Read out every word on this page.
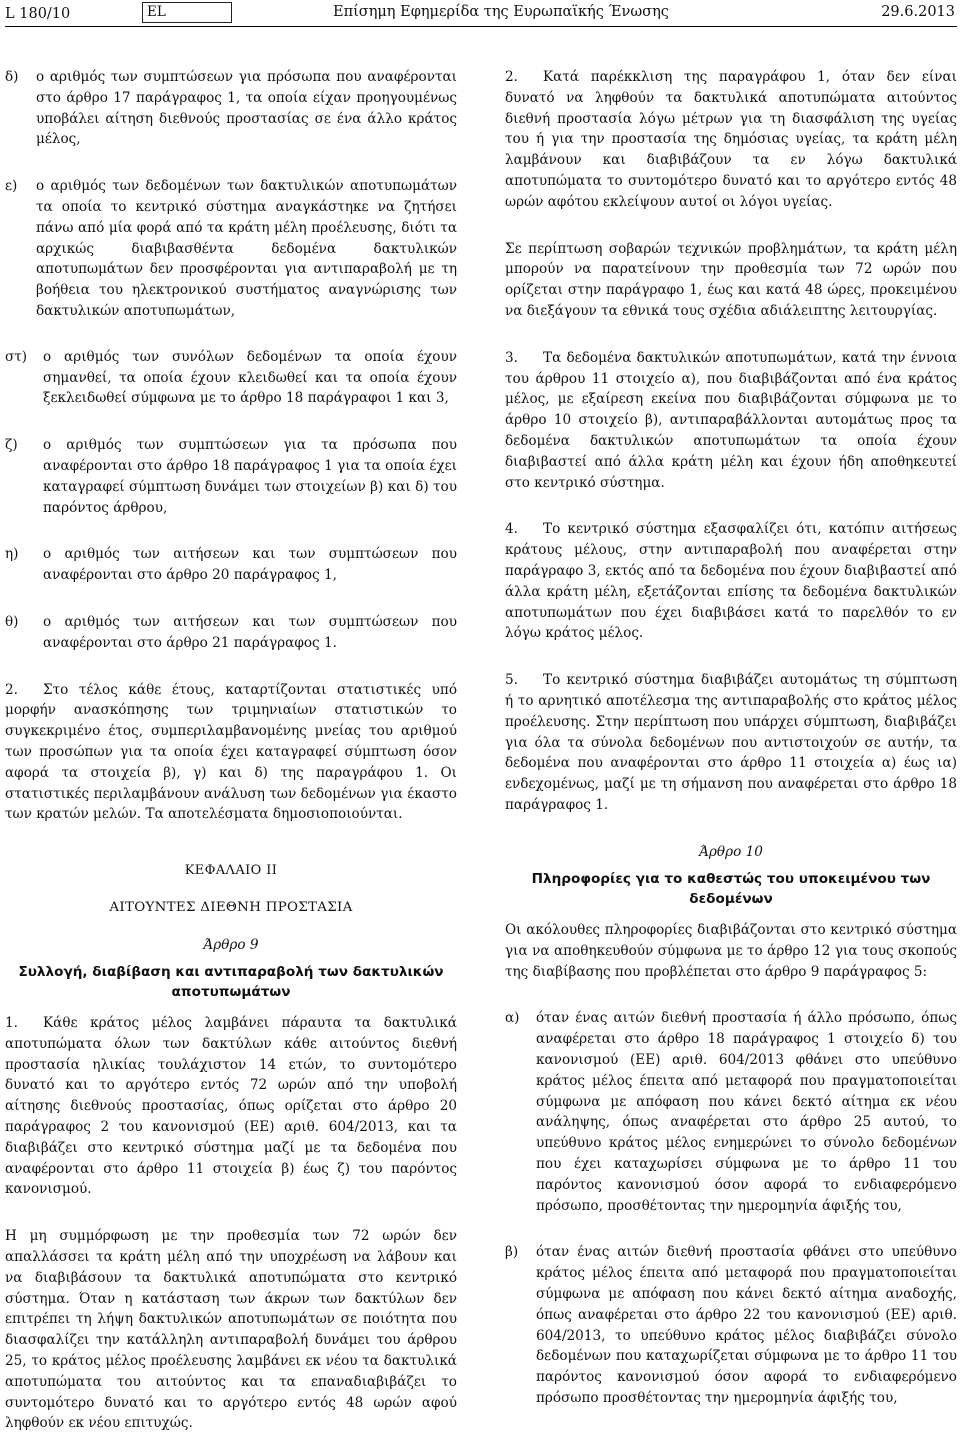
L 180/10	EL	Επίσημη Εφημερίδα της Ευρωπαϊκής Ένωσης	29.6.2013
δ)	ο αριθμός των συμπτώσεων για πρόσωπα που αναφέρονται στο άρθρο 17 παράγραφος 1, τα οποία είχαν προηγουμένως υποβάλει αίτηση διεθνούς προστασίας σε ένα άλλο κράτος μέλος,
ε)	ο αριθμός των δεδομένων των δακτυλικών αποτυπωμάτων τα οποία το κεντρικό σύστημα αναγκάστηκε να ζητήσει πάνω από μία φορά από τα κράτη μέλη προέλευσης, διότι τα αρχικώς διαβιβασθέντα δεδομένα δακτυλικών αποτυπωμάτων δεν προσφέρονται για αντιπαραβολή με τη βοήθεια του ηλεκτρονικού συστήματος αναγνώρισης των δακτυλικών αποτυπωμάτων,
στ)	ο αριθμός των συνόλων δεδομένων τα οποία έχουν σημανθεί, τα οποία έχουν κλειδωθεί και τα οποία έχουν ξεκλειδωθεί σύμφωνα με το άρθρο 18 παράγραφοι 1 και 3,
ζ)	ο αριθμός των συμπτώσεων για τα πρόσωπα που αναφέρονται στο άρθρο 18 παράγραφος 1 για τα οποία έχει καταγραφεί σύμπτωση δυνάμει των στοιχείων β) και δ) του παρόντος άρθρου,
η)	ο αριθμός των αιτήσεων και των συμπτώσεων που αναφέρονται στο άρθρο 20 παράγραφος 1,
θ)	ο αριθμός των αιτήσεων και των συμπτώσεων που αναφέρονται στο άρθρο 21 παράγραφος 1.

2. Στο τέλος κάθε έτους, καταρτίζονται στατιστικές υπό μορφήν ανασκόπησης των τριμηνιαίων στατιστικών το συγκεκριμένο έτος, συμπεριλαμβανομένης μνείας του αριθμού των προσώπων για τα οποία έχει καταγραφεί σύμπτωση όσον αφορά τα στοιχεία β), γ) και δ) της παραγράφου 1. Οι στατιστικές περιλαμβάνουν ανάλυση των δεδομένων για έκαστο των κρατών μελών. Τα αποτελέσματα δημοσιοποιούνται.

ΚΕΦΑΛΑΙΟ ΙΙ
ΑΙΤΟΥΝΤΕΣ ΔΙΕΘΝΗ ΠΡΟΣΤΑΣΙΑ
Άρθρο 9
Συλλογή, διαβίβαση και αντιπαραβολή των δακτυλικών αποτυπωμάτων

1. Κάθε κράτος μέλος λαμβάνει πάραυτα τα δακτυλικά αποτυπώματα όλων των δακτύλων κάθε αιτούντος διεθνή προστασία ηλικίας τουλάχιστον 14 ετών, το συντομότερο δυνατό και το αργότερο εντός 72 ωρών από την υποβολή αίτησης διεθνούς προστασίας, όπως ορίζεται στο άρθρο 20 παράγραφος 2 του κανονισμού (ΕΕ) αριθ. 604/2013, και τα διαβιβάζει στο κεντρικό σύστημα μαζί με τα δεδομένα που αναφέρονται στο άρθρο 11 στοιχεία β) έως ζ) του παρόντος κανονισμού.

Η μη συμμόρφωση με την προθεσμία των 72 ωρών δεν απαλλάσσει τα κράτη μέλη από την υποχρέωση να λάβουν και να διαβιβάσουν τα δακτυλικά αποτυπώματα στο κεντρικό σύστημα. Όταν η κατάσταση των άκρων των δακτύλων δεν επιτρέπει τη λήψη δακτυλικών αποτυπωμάτων σε ποιότητα που διασφαλίζει την κατάλληλη αντιπαραβολή δυνάμει του άρθρου 25, το κράτος μέλος προέλευσης λαμβάνει εκ νέου τα δακτυλικά αποτυπώματα του αιτούντος και τα επαναδιαβιβάζει το συντομότερο δυνατό και το αργότερο εντός 48 ωρών αφού ληφθούν εκ νέου επιτυχώς.

2. Κατά παρέκκλιση της παραγράφου 1, όταν δεν είναι δυνατό να ληφθούν τα δακτυλικά αποτυπώματα αιτούντος διεθνή προστασία λόγω μέτρων για τη διασφάλιση της υγείας του ή για την προστασία της δημόσιας υγείας, τα κράτη μέλη λαμβάνουν και διαβιβάζουν τα εν λόγω δακτυλικά αποτυπώματα το συντομότερο δυνατό και το αργότερο εντός 48 ωρών αφότου εκλείψουν αυτοί οι λόγοι υγείας.

Σε περίπτωση σοβαρών τεχνικών προβλημάτων, τα κράτη μέλη μπορούν να παρατείνουν την προθεσμία των 72 ωρών που ορίζεται στην παράγραφο 1, έως και κατά 48 ώρες, προκειμένου να διεξάγουν τα εθνικά τους σχέδια αδιάλειπτης λειτουργίας.

3. Τα δεδομένα δακτυλικών αποτυπωμάτων, κατά την έννοια του άρθρου 11 στοιχείο α), που διαβιβάζονται από ένα κράτος μέλος, με εξαίρεση εκείνα που διαβιβάζονται σύμφωνα με το άρθρο 10 στοιχείο β), αντιπαραβάλλονται αυτομάτως προς τα δεδομένα δακτυλικών αποτυπωμάτων τα οποία έχουν διαβιβαστεί από άλλα κράτη μέλη και έχουν ήδη αποθηκευτεί στο κεντρικό σύστημα.

4. Το κεντρικό σύστημα εξασφαλίζει ότι, κατόπιν αιτήσεως κράτους μέλους, στην αντιπαραβολή που αναφέρεται στην παράγραφο 3, εκτός από τα δεδομένα που έχουν διαβιβαστεί από άλλα κράτη μέλη, εξετάζονται επίσης τα δεδομένα δακτυλικών αποτυπωμάτων που έχει διαβιβάσει κατά το παρελθόν το εν λόγω κράτος μέλος.

5. Το κεντρικό σύστημα διαβιβάζει αυτομάτως τη σύμπτωση ή το αρνητικό αποτέλεσμα της αντιπαραβολής στο κράτος μέλος προέλευσης. Στην περίπτωση που υπάρχει σύμπτωση, διαβιβάζει για όλα τα σύνολα δεδομένων που αντιστοιχούν σε αυτήν, τα δεδομένα που αναφέρονται στο άρθρο 11 στοιχεία α) έως ια) ενδεχομένως, μαζί με τη σήμανση που αναφέρεται στο άρθρο 18 παράγραφος 1.

Άρθρο 10
Πληροφορίες για το καθεστώς του υποκειμένου των δεδομένων

Οι ακόλουθες πληροφορίες διαβιβάζονται στο κεντρικό σύστημα για να αποθηκευθούν σύμφωνα με το άρθρο 12 για τους σκοπούς της διαβίβασης που προβλέπεται στο άρθρο 9 παράγραφος 5:

α)	όταν ένας αιτών διεθνή προστασία ή άλλο πρόσωπο, όπως αναφέρεται στο άρθρο 18 παράγραφος 1 στοιχείο δ) του κανονισμού (ΕΕ) αριθ. 604/2013 φθάνει στο υπεύθυνο κράτος μέλος έπειτα από μεταφορά που πραγματοποιείται σύμφωνα με απόφαση που κάνει δεκτό αίτημα εκ νέου ανάληψης, όπως αναφέρεται στο άρθρο 25 αυτού, το υπεύθυνο κράτος μέλος ενημερώνει το σύνολο δεδομένων που έχει καταχωρίσει σύμφωνα με το άρθρο 11 του παρόντος κανονισμού όσον αφορά το ενδιαφερόμενο πρόσωπο, προσθέτοντας την ημερομηνία άφιξής του,
β)	όταν ένας αιτών διεθνή προστασία φθάνει στο υπεύθυνο κράτος μέλος έπειτα από μεταφορά που πραγματοποιείται σύμφωνα με απόφαση που κάνει δεκτό αίτημα αναδοχής, όπως αναφέρεται στο άρθρο 22 του κανονισμού (ΕΕ) αριθ. 604/2013, το υπεύθυνο κράτος μέλος διαβιβάζει σύνολο δεδομένων που καταχωρίζεται σύμφωνα με το άρθρο 11 του παρόντος κανονισμού όσον αφορά το ενδιαφερόμενο πρόσωπο προσθέτοντας την ημερομηνία άφιξής του,
